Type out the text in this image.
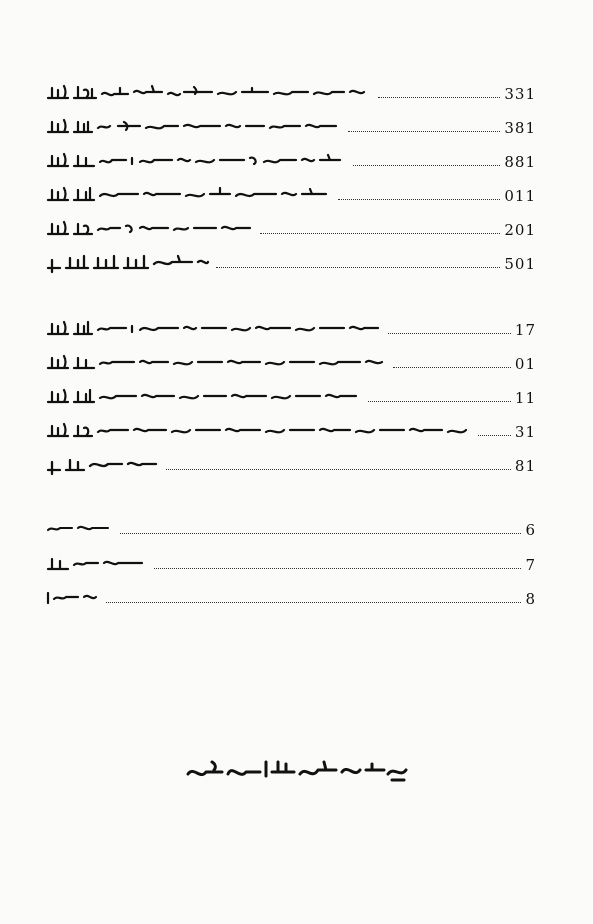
331
381
881
011
201
501
17
01
11
31
81
6
7
8
